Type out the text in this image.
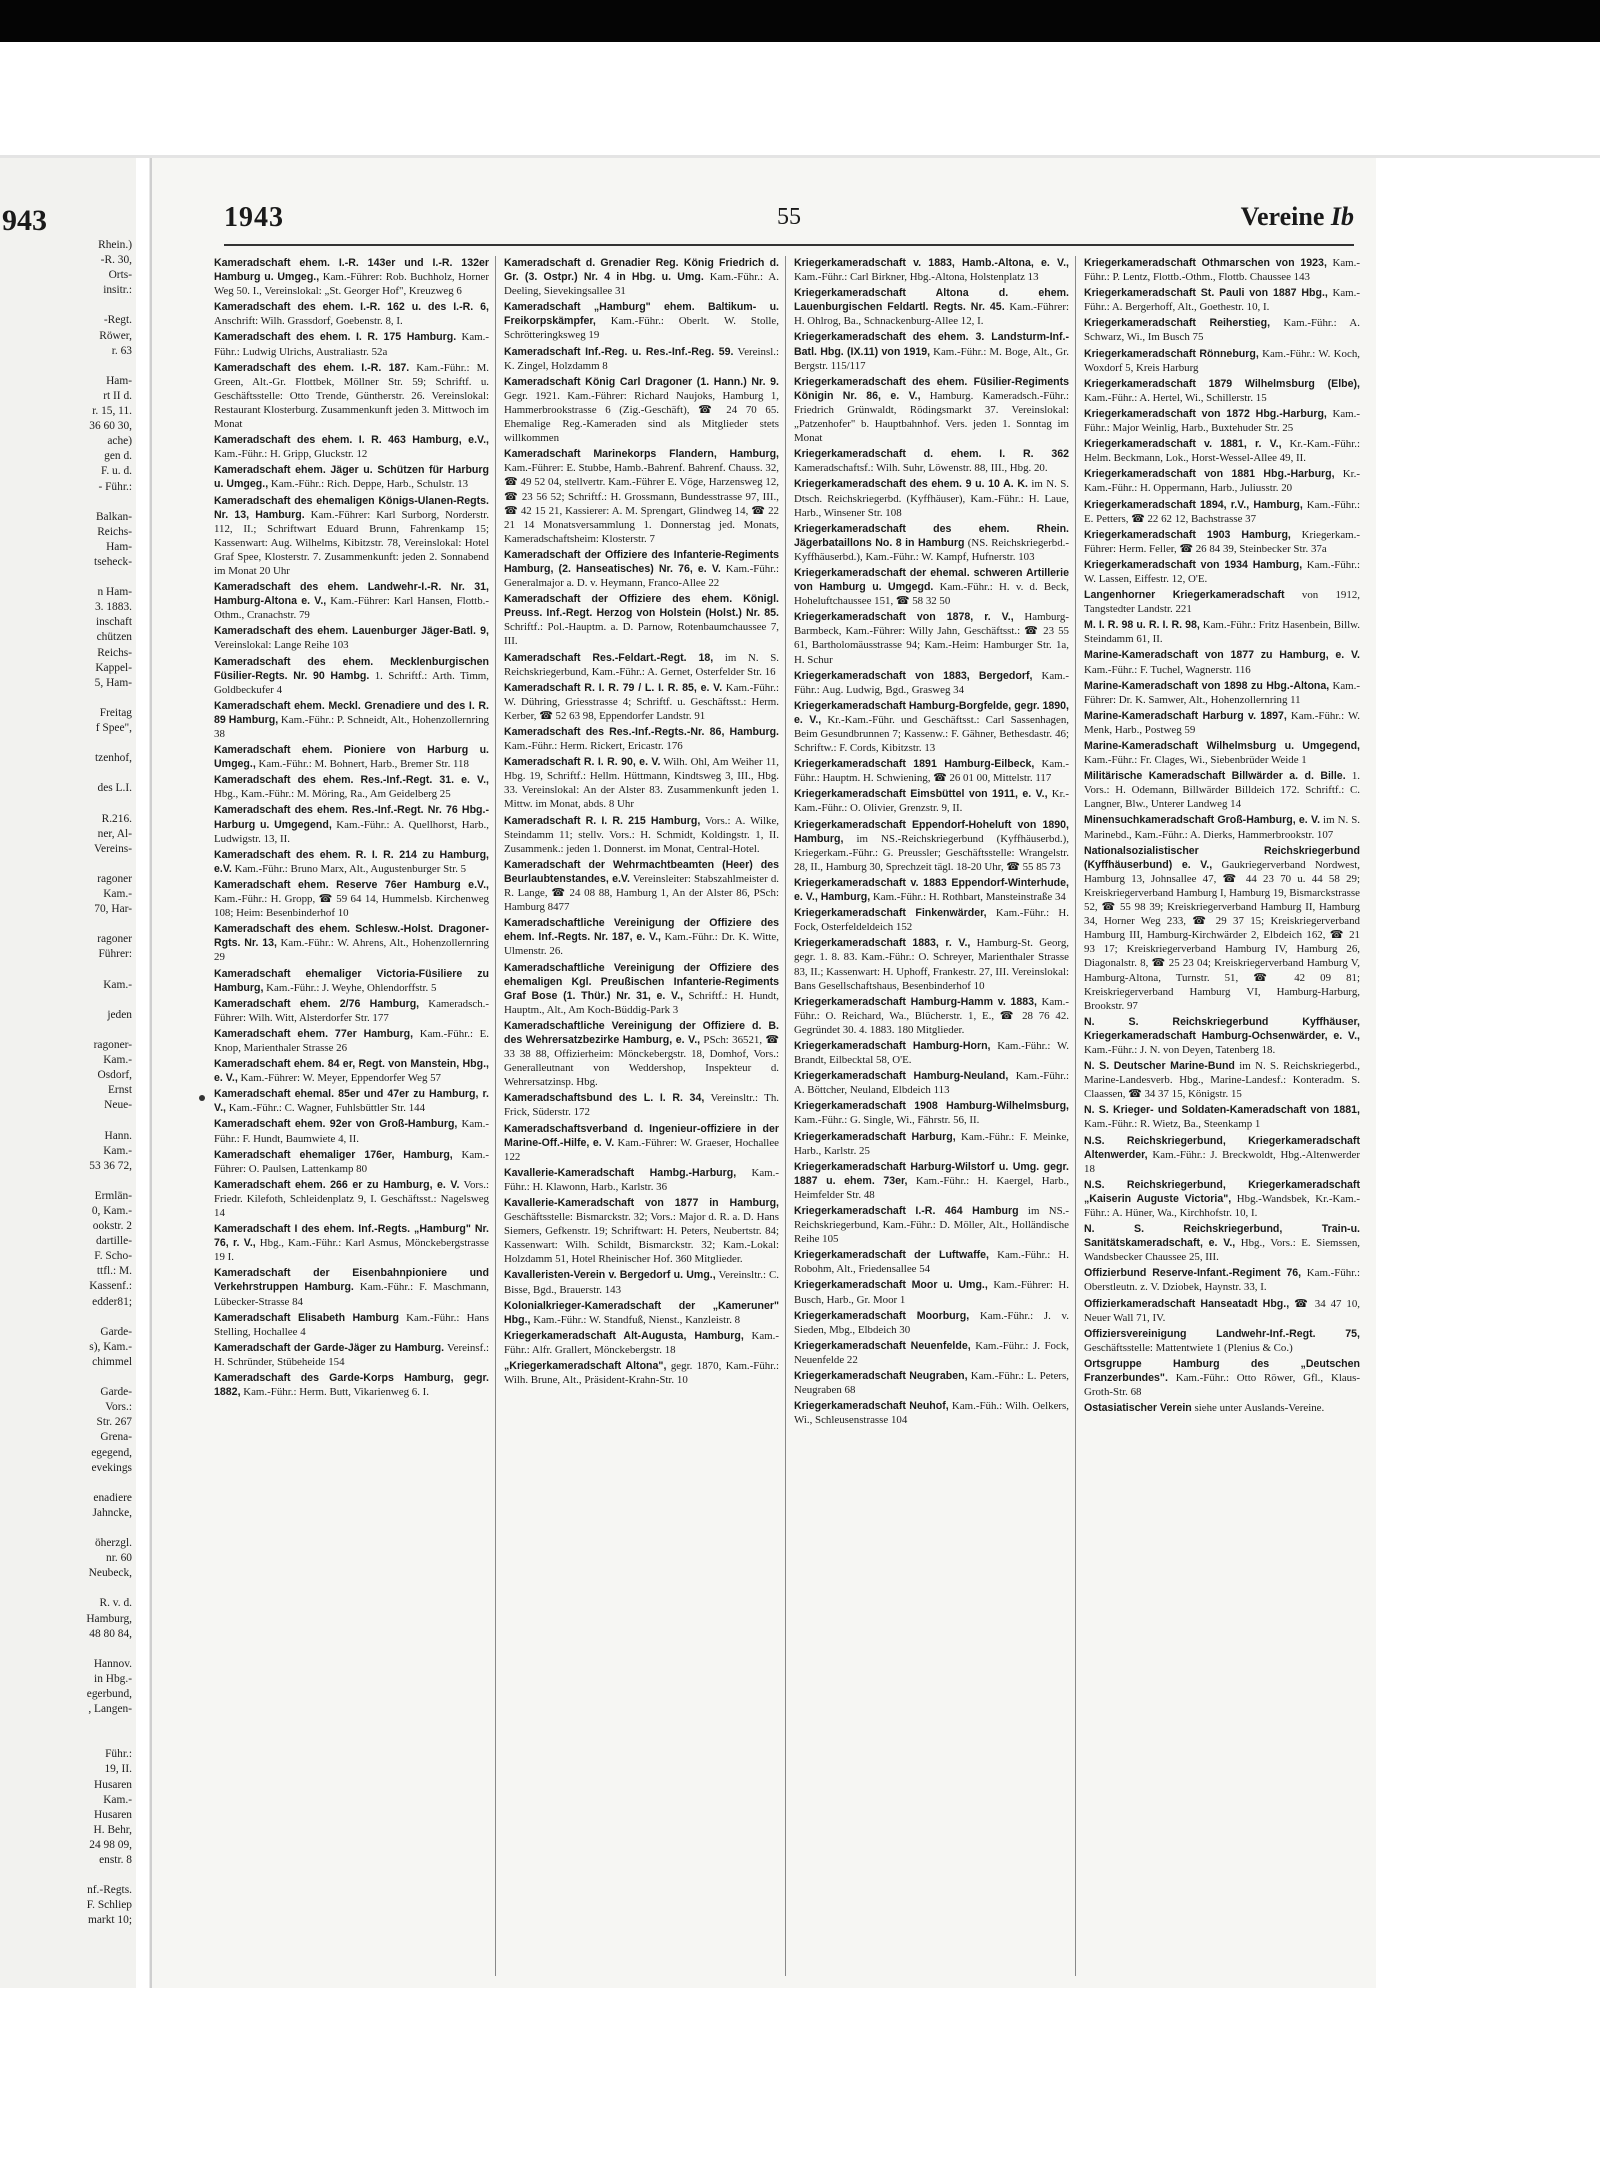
943
Rhein.)
-R. 30,
Orts-
insitr.:

-Regt.
Röwer,
r. 63

Ham-
rt II d.
r. 15, 11.
36 60 30,
ache)
gen d.
F. u. d.
- Führ.:

Balkan-
Reichs-
Ham-
tseheck-

n Ham-
3. 1883.
inschaft
chützen
Reichs-
Kappel-
5, Ham-

Freitag
f Spee",

tzenhof,

des L.I.

R.216.
ner, Al-
Vereins-

ragoner
Kam.-
70, Har-

ragoner
Führer:

Kam.-

jeden

ragoner-
Kam.-
Osdorf,
Ernst
Neue-

Hann.
Kam.-
53 36 72,

Ermlän-
0, Kam.-
ookstr. 2
dartille-
F. Scho-
ttfl.: M.
Kassenf.:
edder81;

Garde-
s), Kam.-
chimmel

Garde-
Vors.:
Str. 267
Grena-
egegend,
evekings

enadiere
Jahncke,

öherzgl.
nr. 60
Neubeck,

R. v. d.
Hamburg,
48 80 84,

Hannov.
in Hbg.-
egerbund,
, Langen-

Führ.:
19, II.
Husaren
Kam.-
Husaren
H. Behr,
24 98 09,
enstr. 8

nf.-Regts.
F. Schliep
markt 10;
1943	55	Vereine Ib
Kameradschaft ehem. I.-R. 143er und I.-R. 132er Hamburg u. Umgeg., Kam.-Führer: Rob. Buchholz, Horner Weg 50. I., Vereinslokal: „St. Georger Hof", Kreuzweg 6
Kameradschaft des ehem. I.-R. 162 u. des I.-R. 6, Anschrift: Wilh. Grassdorf, Goebenstr. 8, I.
Kameradschaft des ehem. I. R. 175 Hamburg. Kam.-Führ.: Ludwig Ulrichs, Australiastr. 52a
Kameradschaft des ehem. I.-R. 187. Kam.-Führ.: M. Green, Alt.-Gr. Flottbek, Möllner Str. 59; Schriftf. u. Geschäftsstelle: Otto Trende, Güntherstr. 26. Vereinslokal: Restaurant Klosterburg. Zusammenkunft jeden 3. Mittwoch im Monat
Kameradschaft des ehem. I. R. 463 Hamburg, e.V., Kam.-Führ.: H. Gripp, Gluckstr. 12
Kameradschaft ehem. Jäger u. Schützen für Harburg u. Umgeg., Kam.-Führ.: Rich. Deppe, Harb., Schulstr. 13
Kameradschaft des ehemaligen Königs-Ulanen-Regts. Nr. 13, Hamburg. Kam.-Führer: Karl Surborg, Norderstr. 112, II.; Schriftwart Eduard Brunn, Fahrenkamp 15; Kassenwart: Aug. Wilhelms, Kibitzstr. 78, Vereinslokal: Hotel Graf Spee, Klosterstr. 7. Zusammenkunft: jeden 2. Sonnabend im Monat 20 Uhr
Kameradschaft des ehem. Landwehr-I.-R. Nr. 31, Hamburg-Altona e. V., Kam.-Führer: Karl Hansen, Flottb.-Othm., Cranachstr. 79
Kameradschaft des ehem. Lauenburger Jäger-Batl. 9, Vereinslokal: Lange Reihe 103
Kameradschaft des ehem. Mecklenburgischen Füsilier-Regts. Nr. 90 Hambg. 1. Schriftf.: Arth. Timm, Goldbeckufer 4
Kameradschaft ehem. Meckl. Grenadiere und des I. R. 89 Hamburg, Kam.-Führ.: P. Schneidt, Alt., Hohenzollernring 38
Kameradschaft ehem. Pioniere von Harburg u. Umgeg., Kam.-Führ.: M. Bohnert, Harb., Bremer Str. 118
Kameradschaft des ehem. Res.-Inf.-Regt. 31. e. V., Hbg., Kam.-Führ.: M. Möring, Ra., Am Geidelberg 25
Kameradschaft des ehem. Res.-Inf.-Regt. Nr. 76 Hbg.-Harburg u. Umgegend, Kam.-Führ.: A. Quellhorst, Harb., Ludwigstr. 13, II.
Kameradschaft des ehem. R. I. R. 214 zu Hamburg, e.V. Kam.-Führ.: Bruno Marx, Alt., Augustenburger Str. 5
Kameradschaft ehem. Reserve 76er Hamburg e.V., Kam.-Führ.: H. Gropp, ☎ 59 64 14, Hummelsb. Kirchenweg 108; Heim: Besenbinderhof 10
Kameradschaft des ehem. Schlesw.-Holst. Dragoner-Rgts. Nr. 13, Kam.-Führ.: W. Ahrens, Alt., Hohenzollernring 29
Kameradschaft ehemaliger Victoria-Füsiliere zu Hamburg, Kam.-Führ.: J. Weyhe, Ohlendorffstr. 5
Kameradschaft ehem. 2/76 Hamburg, Kameradsch.-Führer: Wilh. Witt, Alsterdorfer Str. 177
Kameradschaft ehem. 77er Hamburg, Kam.-Führ.: E. Knop, Marienthaler Strasse 26
Kameradschaft ehem. 84 er, Regt. von Manstein, Hbg., e. V., Kam.-Führer: W. Meyer, Eppendorfer Weg 57
Kameradschaft ehemal. 85er und 47er zu Hamburg, r. V., Kam.-Führ.: C. Wagner, Fuhlsbüttler Str. 144
Kameradschaft ehem. 92er von Groß-Hamburg, Kam.-Führ.: F. Hundt, Baumwiete 4, II.
Kameradschaft ehemaliger 176er, Hamburg, Kam.-Führer: O. Paulsen, Lattenkamp 80
Kameradschaft ehem. 266 er zu Hamburg, e. V. Vors.: Friedr. Kilefoth, Schleidenplatz 9, I. Geschäftsst.: Nagelsweg 14
Kameradschaft I des ehem. Inf.-Regts. „Hamburg" Nr. 76, r. V., Hbg., Kam.-Führ.: Karl Asmus, Mönckebergstrasse 19 I.
Kameradschaft der Eisenbahnpioniere und Verkehrstruppen Hamburg. Kam.-Führ.: F. Maschmann, Lübecker-Strasse 84
Kameradschaft Elisabeth Hamburg Kam.-Führ.: Hans Stelling, Hochallee 4
Kameradschaft der Garde-Jäger zu Hamburg. Vereinsf.: H. Schründer, Stübeheide 154
Kameradschaft des Garde-Korps Hamburg, gegr. 1882, Kam.-Führ.: Herm. Butt, Vikarienweg 6. I.
Kameradschaft d. Grenadier Reg. König Friedrich d. Gr. (3. Ostpr.) Nr. 4 in Hbg. u. Umg. Kam.-Führ.: A. Deeling, Sievekingsallee 31
Kameradschaft „Hamburg" ehem. Baltikum- u. Freikorpskämpfer, Kam.-Führ.: Oberlt. W. Stolle, Schrötteringksweg 19
Kameradschaft Inf.-Reg. u. Res.-Inf.-Reg. 59. Vereinsl.: K. Zingel, Holzdamm 8
Kameradschaft König Carl Dragoner (1. Hann.) Nr. 9. Gegr. 1921. Kam.-Führer: Richard Naujoks, Hamburg 1, Hammerbrookstrasse 6 (Zig.-Geschäft), ☎ 24 70 65. Ehemalige Reg.-Kameraden sind als Mitglieder stets willkommen
Kameradschaft Marinekorps Flandern, Hamburg, Kam.-Führer: E. Stubbe, Hamb.-Bahrenf. Bahrenf. Chauss. 32, ☎ 49 52 04, stellvertr. Kam.-Führer E. Vöge, Harzensweg 12, ☎ 23 56 52; Schriftf.: H. Grossmann, Bundesstrasse 97, III., ☎ 42 15 21, Kassierer: A. M. Sprengart, Glindweg 14, ☎ 22 21 14 Monatsversammlung 1. Donnerstag jed. Monats, Kameradschaftsheim: Klosterstr. 7
Kameradschaft der Offiziere des Infanterie-Regiments Hamburg, (2. Hanseatisches) Nr. 76, e. V. Kam.-Führ.: Generalmajor a. D. v. Heymann, Franco-Allee 22
Kameradschaft der Offiziere des ehem. Königl. Preuss. Inf.-Regt. Herzog von Holstein (Holst.) Nr. 85. Schriftf.: Pol.-Hauptm. a. D. Parnow, Rotenbaumchaussee 7, III.
Kameradschaft Res.-Feldart.-Regt. 18, im N. S. Reichskriegerbund, Kam.-Führ.: A. Gernet, Osterfelder Str. 16
Kameradschaft R. I. R. 79 / L. I. R. 85, e. V. Kam.-Führ.: W. Dühring, Griesstrasse 4; Schriftf. u. Geschäftsst.: Herm. Kerber, ☎ 52 63 98, Eppendorfer Landstr. 91
Kameradschaft des Res.-Inf.-Regts.-Nr. 86, Hamburg. Kam.-Führ.: Herm. Rickert, Ericastr. 176
Kameradschaft R. I. R. 90, e. V. Wilh. Ohl, Am Weiher 11, Hbg. 19, Schriftf.: Hellm. Hüttmann, Kindtsweg 3, III., Hbg. 33. Vereinslokal: An der Alster 83. Zusammenkunft jeden 1. Mittw. im Monat, abds. 8 Uhr
Kameradschaft R. I. R. 215 Hamburg, Vors.: A. Wilke, Steindamm 11; stellv. Vors.: H. Schmidt, Koldingstr. 1, II. Zusammenk.: jeden 1. Donnerst. im Monat, Central-Hotel.
Kameradschaft der Wehrmachtbeamten (Heer) des Beurlaubtenstandes, e.V. Vereinsleiter: Stabszahlmeister d. R. Lange, ☎ 24 08 88, Hamburg 1, An der Alster 86, PSch: Hamburg 8477
Kameradschaftliche Vereinigung der Offiziere des ehem. Inf.-Regts. Nr. 187, e. V., Kam.-Führ.: Dr. K. Witte, Ulmenstr. 26.
Kameradschaftliche Vereinigung der Offiziere des ehemaligen Kgl. Preußischen Infanterie-Regiments Graf Bose (1. Thür.) Nr. 31, e. V., Schriftf.: H. Hundt, Hauptm., Alt., Am Koch-Büddig-Park 3
Kameradschaftliche Vereinigung der Offiziere d. B. des Wehrersatzbezirke Hamburg, e. V., PSch: 36521, ☎ 33 38 88, Offizierheim: Mönckebergstr. 18, Domhof, Vors.: Generalleutnant von Weddershop, Inspekteur d. Wehrersatzinsp. Hbg.
Kameradschaftsbund des L. I. R. 34, Vereinsltr.: Th. Frick, Süderstr. 172
Kameradschaftsverband d. Ingenieur-offiziere in der Marine-Off.-Hilfe, e. V. Kam.-Führer: W. Graeser, Hochallee 122
Kavallerie-Kameradschaft Hambg.-Harburg, Kam.-Führ.: H. Klawonn, Harb., Karlstr. 36
Kavallerie-Kameradschaft von 1877 in Hamburg, Geschäftsstelle: Bismarckstr. 32; Vors.: Major d. R. a. D. Hans Siemers, Gefkenstr. 19; Schriftwart: H. Peters, Neubertstr. 84; Kassenwart: Wilh. Schildt, Bismarckstr. 32; Kam.-Lokal: Holzdamm 51, Hotel Rheinischer Hof. 360 Mitglieder.
Kavalleristen-Verein v. Bergedorf u. Umg., Vereinsltr.: C. Bisse, Bgd., Brauerstr. 143
Kolonialkrieger-Kameradschaft der „Kameruner" Hbg., Kam.-Führ.: W. Standfuß, Nienst., Kanzleistr. 8
Kriegerkameradschaft Alt-Augusta, Hamburg, Kam.-Führ.: Alfr. Grallert, Mönckebergstr. 18
„Kriegerkameradschaft Altona", gegr. 1870, Kam.-Führ.: Wilh. Brune, Alt., Präsident-Krahn-Str. 10
Kriegerkameradschaft v. 1883, Hamb.-Altona, e. V., Kam.-Führ.: Carl Birkner, Hbg.-Altona, Holstenplatz 13
Kriegerkameradschaft Altona d. ehem. Lauenburgischen Feldartl. Regts. Nr. 45. Kam.-Führer: H. Ohlrog, Ba., Schnackenburg-Allee 12, I.
Kriegerkameradschaft des ehem. 3. Landsturm-Inf.-Batl. Hbg. (IX.11) von 1919, Kam.-Führ.: M. Boge, Alt., Gr. Bergstr. 115/117
Kriegerkameradschaft des ehem. Füsilier-Regiments Königin Nr. 86, e. V., Hamburg. Kameradsch.-Führ.: Friedrich Grünwaldt, Rödingsmarkt 37. Vereinslokal: „Patzenhofer" b. Hauptbahnhof. Vers. jeden 1. Sonntag im Monat
Kriegerkameradschaft d. ehem. I. R. 362 Kameradschaftsf.: Wilh. Suhr, Löwenstr. 88, III., Hbg. 20.
Kriegerkameradschaft des ehem. 9 u. 10 A. K. im N. S. Dtsch. Reichskriegerbd. (Kyffhäuser), Kam.-Führ.: H. Laue, Harb., Winsener Str. 108
Kriegerkameradschaft des ehem. Rhein. Jägerbataillons No. 8 in Hamburg (NS. Reichskriegerbd.-Kyffhäuserbd.), Kam.-Führ.: W. Kampf, Hufnerstr. 103
Kriegerkameradschaft der ehemal. schweren Artillerie von Hamburg u. Umgegd. Kam.-Führ.: H. v. d. Beck, Hoheluftchaussee 151, ☎ 58 32 50
Kriegerkameradschaft von 1878, r. V., Hamburg-Barmbeck, Kam.-Führer: Willy Jahn, Geschäftsst.: ☎ 23 55 61, Bartholomäusstrasse 94; Kam.-Heim: Hamburger Str. 1a, H. Schur
Kriegerkameradschaft von 1883, Bergedorf, Kam.-Führ.: Aug. Ludwig, Bgd., Grasweg 34
Kriegerkameradschaft Hamburg-Borgfelde, gegr. 1890, e. V., Kr.-Kam.-Führ. und Geschäftsst.: Carl Sassenhagen, Beim Gesundbrunnen 7; Kassenw.: F. Gähner, Bethesdastr. 46; Schriftw.: F. Cords, Kibitzstr. 13
Kriegerkameradschaft 1891 Hamburg-Eilbeck, Kam.-Führ.: Hauptm. H. Schwiening, ☎ 26 01 00, Mittelstr. 117
Kriegerkameradschaft Eimsbüttel von 1911, e. V., Kr.-Kam.-Führ.: O. Olivier, Grenzstr. 9, II.
Kriegerkameradschaft Eppendorf-Hoheluft von 1890, Hamburg, im NS.-Reichskriegerbund (Kyffhäuserbd.), Kriegerkam.-Führ.: G. Preussler; Geschäftsstelle: Wrangelstr. 28, II., Hamburg 30, Sprechzeit tägl. 18-20 Uhr, ☎ 55 85 73
Kriegerkameradschaft v. 1883 Eppendorf-Winterhude, e. V., Hamburg, Kam.-Führ.: H. Rothbart, Mansteinstraße 34
Kriegerkameradschaft Finkenwärder, Kam.-Führ.: H. Fock, Osterfeldeldeich 152
Kriegerkameradschaft 1883, r. V., Hamburg-St. Georg, gegr. 1. 8. 83. Kam.-Führ.: O. Schreyer, Marienthaler Strasse 83, II.; Kassenwart: H. Uphoff, Frankestr. 27, III. Vereinslokal: Bans Gesellschaftshaus, Besenbinderhof 10
Kriegerkameradschaft Hamburg-Hamm v. 1883, Kam.-Führ.: O. Reichard, Wa., Blücherstr. 1, E., ☎ 28 76 42. Gegründet 30. 4. 1883. 180 Mitglieder.
Kriegerkameradschaft Hamburg-Horn, Kam.-Führ.: W. Brandt, Eilbecktal 58, O'E.
Kriegerkameradschaft Hamburg-Neuland, Kam.-Führ.: A. Böttcher, Neuland, Elbdeich 113
Kriegerkameradschaft 1908 Hamburg-Wilhelmsburg, Kam.-Führ.: G. Single, Wi., Fährstr. 56, II.
Kriegerkameradschaft Harburg, Kam.-Führ.: F. Meinke, Harb., Karlstr. 25
Kriegerkameradschaft Harburg-Wilstorf u. Umg. gegr. 1887 u. ehem. 73er, Kam.-Führ.: H. Kaergel, Harb., Heimfelder Str. 48
Kriegerkameradschaft I.-R. 464 Hamburg im NS.-Reichskriegerbund, Kam.-Führ.: D. Möller, Alt., Holländische Reihe 105
Kriegerkameradschaft der Luftwaffe, Kam.-Führ.: H. Robohm, Alt., Friedensallee 54
Kriegerkameradschaft Moor u. Umg., Kam.-Führer: H. Busch, Harb., Gr. Moor 1
Kriegerkameradschaft Moorburg, Kam.-Führ.: J. v. Sieden, Mbg., Elbdeich 30
Kriegerkameradschaft Neuenfelde, Kam.-Führ.: J. Fock, Neuenfelde 22
Kriegerkameradschaft Neugraben, Kam.-Führ.: L. Peters, Neugraben 68
Kriegerkameradschaft Neuhof, Kam.-Füh.: Wilh. Oelkers, Wi., Schleusenstrasse 104
Kriegerkameradschaft Othmarschen von 1923, Kam.-Führ.: P. Lentz, Flottb.-Othm., Flottb. Chaussee 143
Kriegerkameradschaft St. Pauli von 1887 Hbg., Kam.-Führ.: A. Bergerhoff, Alt., Goethestr. 10, I.
Kriegerkameradschaft Reiherstieg, Kam.-Führ.: A. Schwarz, Wi., Im Busch 75
Kriegerkameradschaft Rönneburg, Kam.-Führ.: W. Koch, Woxdorf 5, Kreis Harburg
Kriegerkameradschaft 1879 Wilhelmsburg (Elbe), Kam.-Führ.: A. Hertel, Wi., Schillerstr. 15
Kriegerkameradschaft von 1872 Hbg.-Harburg, Kam.-Führ.: Major Weinlig, Harb., Buxtehuder Str. 25
Kriegerkameradschaft v. 1881, r. V., Kr.-Kam.-Führ.: Helm. Beckmann, Lok., Horst-Wessel-Allee 49, II.
Kriegerkameradschaft von 1881 Hbg.-Harburg, Kr.-Kam.-Führ.: H. Oppermann, Harb., Juliusstr. 20
Kriegerkameradschaft 1894, r.V., Hamburg, Kam.-Führ.: E. Petters, ☎ 22 62 12, Bachstrasse 37
Kriegerkameradschaft 1903 Hamburg, Kriegerkam.-Führer: Herm. Feller, ☎ 26 84 39, Steinbecker Str. 37a
Kriegerkameradschaft von 1934 Hamburg, Kam.-Führ.: W. Lassen, Eiffestr. 12, O'E.
Langenhorner Kriegerkameradschaft von 1912, Tangstedter Landstr. 221
M. I. R. 98 u. R. I. R. 98, Kam.-Führ.: Fritz Hasenbein, Billw. Steindamm 61, II.
Marine-Kameradschaft von 1877 zu Hamburg, e. V. Kam.-Führ.: F. Tuchel, Wagnerstr. 116
Marine-Kameradschaft von 1898 zu Hbg.-Altona, Kam.-Führer: Dr. K. Samwer, Alt., Hohenzollernring 11
Marine-Kameradschaft Harburg v. 1897, Kam.-Führ.: W. Menk, Harb., Postweg 59
Marine-Kameradschaft Wilhelmsburg u. Umgegend, Kam.-Führ.: Fr. Clages, Wi., Siebenbrüder Weide 1
Militärische Kameradschaft Billwärder a. d. Bille. 1. Vors.: H. Odemann, Billwärder Billdeich 172. Schriftf.: C. Langner, Blw., Unterer Landweg 14
Minensuchkameradschaft Groß-Hamburg, e. V. im N. S. Marinebd., Kam.-Führ.: A. Dierks, Hammerbrookstr. 107
Nationalsozialistischer Reichskriegerbund (Kyffhäuserbund) e. V., Gaukriegerverband Nordwest, Hamburg 13, Johnsallee 47, ☎ 44 23 70 u. 44 58 29; Kreiskriegerverband Hamburg I, Hamburg 19, Bismarckstrasse 52, ☎ 55 98 39; Kreiskriegerverband Hamburg II, Hamburg 34, Horner Weg 233, ☎ 29 37 15; Kreiskriegerverband Hamburg III, Hamburg-Kirchwärder 2, Elbdeich 162, ☎ 21 93 17; Kreiskriegerverband Hamburg IV, Hamburg 26, Diagonalstr. 8, ☎ 25 23 04; Kreiskriegerverband Hamburg V, Hamburg-Altona, Turnstr. 51, ☎ 42 09 81; Kreiskriegerverband Hamburg VI, Hamburg-Harburg, Brookstr. 97
N. S. Reichskriegerbund Kyffhäuser, Kriegerkameradschaft Hamburg-Ochsenwärder, e. V., Kam.-Führ.: J. N. von Deyen, Tatenberg 18.
N. S. Deutscher Marine-Bund im N. S. Reichskriegerbd., Marine-Landesverb. Hbg., Marine-Landesf.: Konteradm. S. Claassen, ☎ 34 37 15, Königstr. 15
N. S. Krieger- und Soldaten-Kameradschaft von 1881, Kam.-Führ.: R. Wietz, Ba., Steenkamp 1
N.S. Reichskriegerbund, Kriegerkameradschaft Altenwerder, Kam.-Führ.: J. Breckwoldt, Hbg.-Altenwerder 18
N.S. Reichskriegerbund, Kriegerkameradschaft „Kaiserin Auguste Victoria", Hbg.-Wandsbek, Kr.-Kam.-Führ.: A. Hüner, Wa., Kirchhofstr. 10, I.
N. S. Reichskriegerbund, Train-u. Sanitätskameradschaft, e. V., Hbg., Vors.: E. Siemssen, Wandsbecker Chaussee 25, III.
Offizierbund Reserve-Infant.-Regiment 76, Kam.-Führ.: Oberstleutn. z. V. Dziobek, Haynstr. 33, I.
Offizierkameradschaft Hanseatadt Hbg., ☎ 34 47 10, Neuer Wall 71, IV.
Offiziersvereinigung Landwehr-Inf.-Regt. 75, Geschäftsstelle: Mattentwiete 1 (Plenius & Co.)
Ortsgruppe Hamburg des „Deutschen Franzerbundes". Kam.-Führ.: Otto Röwer, Gfl., Klaus-Groth-Str. 68
Ostasiatischer Verein siehe unter Auslands-Vereine.
